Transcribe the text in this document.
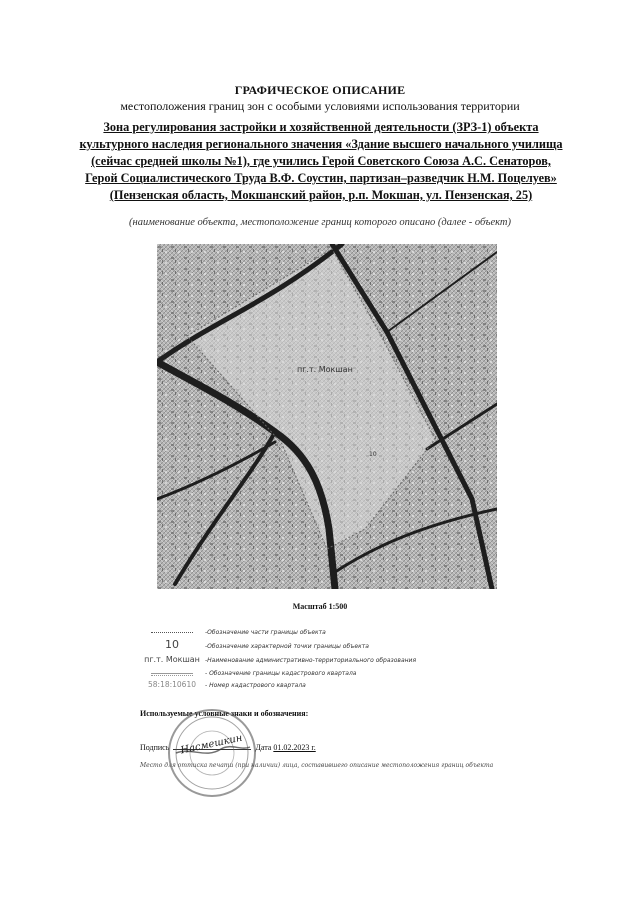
ГРАФИЧЕСКОЕ ОПИСАНИЕ
местоположения границ зон с особыми условиями использования территории
Зона регулирования застройки и хозяйственной деятельности (ЗРЗ-1) объекта культурного наследия регионального значения «Здание высшего начального училища (сейчас средней школы №1), где учились Герой Советского Союза А.С. Сенаторов, Герой Социалистического Труда В.Ф. Соустин, партизан–разведчик Н.М. Поцелуев» (Пензенская область, Мокшанский район, р.п. Мокшан, ул. Пензенская, 25)
(наименование объекта, местоположение границ которого описано (далее - объект)
пг.т. Мокшан
10
Масштаб 1:500
-Обозначение части границы объекта
10	-Обозначение характерной точки границы объекта
пг.т. Мокшан -Наименование административно-территориального образования
- Обозначение границы кадастрового квартала
58:18:10610	- Номер кадастрового квартала
Используемые условные знаки и обозначения:
Подпись	Дата 01.02.2023 г.
Место для оттиска печати (при наличии) лица, составившего описание местоположения границ объекта
Насмешкин
